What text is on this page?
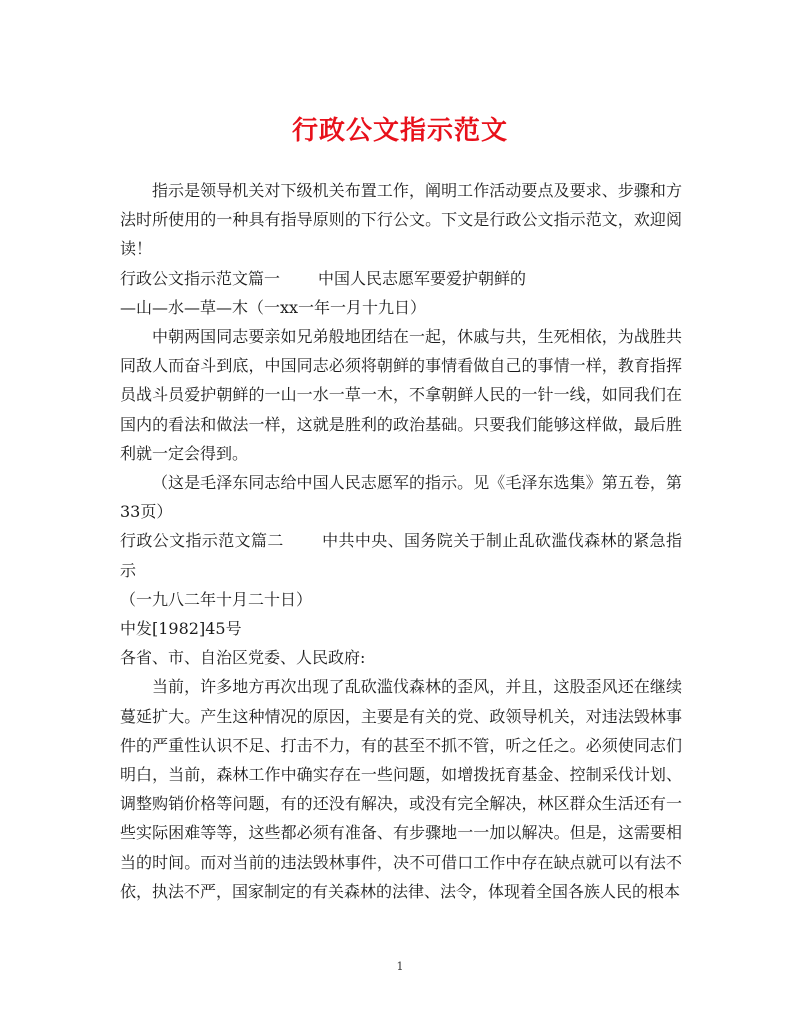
行政公文指示范文

指示是领导机关对下级机关布置工作，阐明工作活动要点及要求、步骤和方法时所使用的一种具有指导原则的下行公文。下文是行政公文指示范文，欢迎阅读！

行政公文指示范文篇一 中国人民志愿军要爱护朝鲜的

—山—水—草—木（一xx一年一月十九日）

中朝两国同志要亲如兄弟般地团结在一起，休戚与共，生死相依，为战胜共同敌人而奋斗到底，中国同志必须将朝鲜的事情看做自己的事情一样，教育指挥员战斗员爱护朝鲜的一山一水一草一木，不拿朝鲜人民的一针一线，如同我们在国内的看法和做法一样，这就是胜利的政治基础。只要我们能够这样做，最后胜利就一定会得到。

（这是毛泽东同志给中国人民志愿军的指示。见《毛泽东选集》第五卷，第33页）

行政公文指示范文篇二 中共中央、国务院关于制止乱砍滥伐森林的紧急指示

（一九八二年十月二十日）

中发[1982]45号

各省、市、自治区党委、人民政府:

当前，许多地方再次出现了乱砍滥伐森林的歪风，并且，这股歪风还在继续蔓延扩大。产生这种情况的原因，主要是有关的党、政领导机关，对违法毁林事件的严重性认识不足、打击不力，有的甚至不抓不管，听之任之。必须使同志们明白，当前，森林工作中确实存在一些问题，如增拨抚育基金、控制采伐计划、调整购销价格等问题，有的还没有解决，或没有完全解决，林区群众生活还有一些实际困难等等，这些都必须有准备、有步骤地一一加以解决。但是，这需要相当的时间。而对当前的违法毁林事件，决不可借口工作中存在缺点就可以有法不依，执法不严，国家制定的有关森林的法律、法令，体现着全国各族人民的根本

1
